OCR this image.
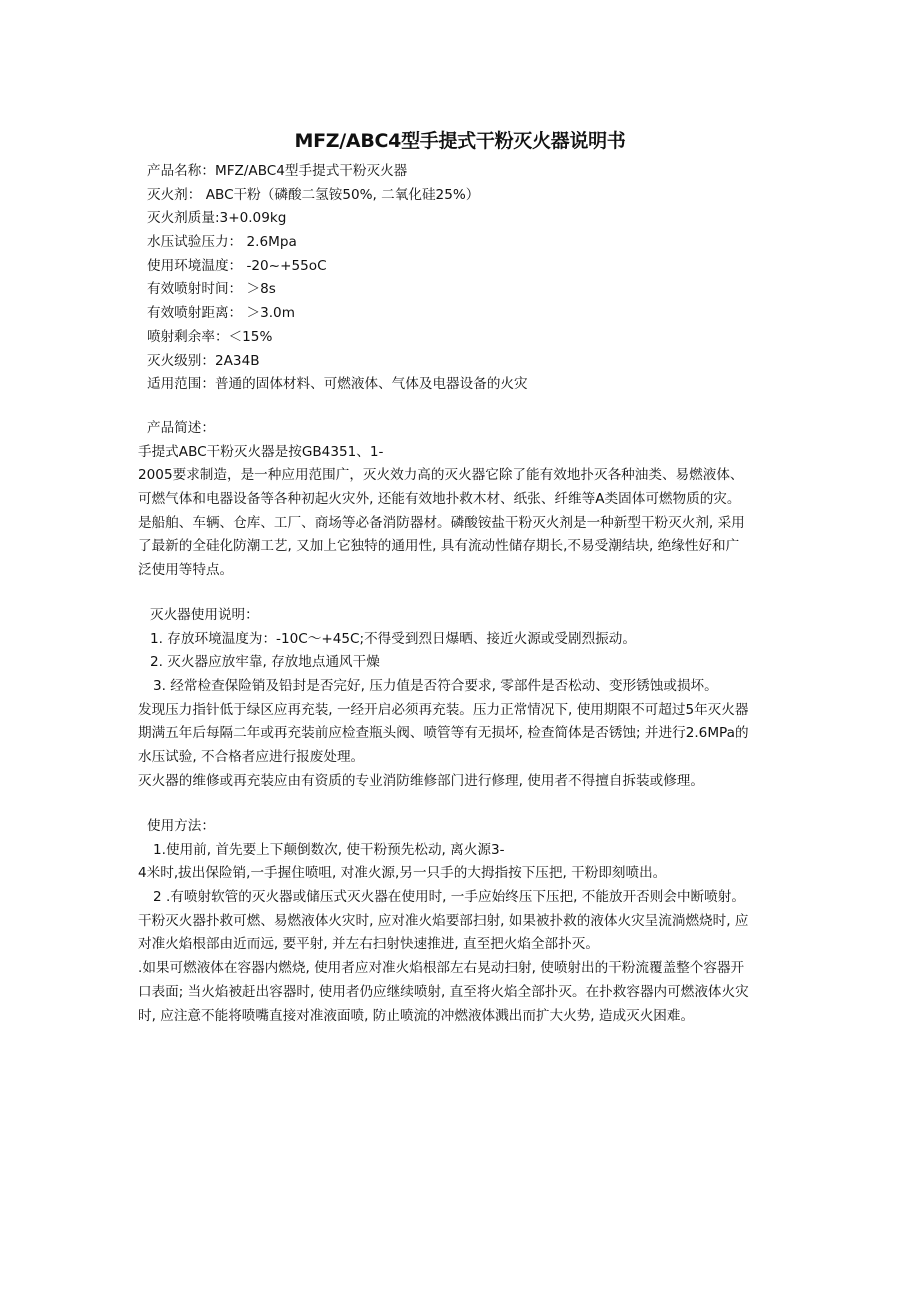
MFZ/ABC4型手提式干粉灭火器说明书
产品名称：MFZ/ABC4型手提式干粉灭火器
灭火剂： ABC干粉（磷酸二氢铵50%, 二氧化硅25%）
灭火剂质量:3+0.09kg
水压试验压力： 2.6Mpa
使用环境温度： -20~+55oC
有效喷射时间： ＞8s
有效喷射距离： ＞3.0m
喷射剩余率：＜15%
灭火级别：2A34B
适用范围：普通的固体材料、可燃液体、气体及电器设备的火灾
产品简述：
手提式ABC干粉灭火器是按GB4351、1-
2005要求制造，是一种应用范围广，灭火效力高的灭火器它除了能有效地扑灭各种油类、易燃液体、
可燃气体和电器设备等各种初起火灾外, 还能有效地扑救木材、纸张、纤维等A类固体可燃物质的灾。
是船舶、车辆、仓库、工厂、商场等必备消防器材。磷酸铵盐干粉灭火剂是一种新型干粉灭火剂, 采用
了最新的全硅化防潮工艺, 又加上它独特的通用性, 具有流动性储存期长,不易受潮结块, 绝缘性好和广
泛使用等特点。
灭火器使用说明：
1. 存放环境温度为：-10C～+45C;不得受到烈日爆晒、接近火源或受剧烈振动。
2. 灭火器应放牢靠, 存放地点通风干燥
3. 经常检查保险销及铅封是否完好, 压力值是否符合要求, 零部件是否松动、变形锈蚀或损坏。
发现压力指针低于绿区应再充装, 一经开启必须再充装。压力正常情况下, 使用期限不可超过5年灭火器
期满五年后每隔二年或再充装前应检查瓶头阀、喷管等有无损坏, 检查简体是否锈蚀; 并进行2.6MPa的
水压试验, 不合格者应进行报废处理。
灭火器的维修或再充装应由有资质的专业消防维修部门进行修理, 使用者不得擅自拆装或修理。
使用方法：
1.使用前, 首先要上下颠倒数次, 使干粉预先松动, 离火源3-
4米时,拔出保险销,一手握住喷咀, 对准火源,另一只手的大拇指按下压把, 干粉即刻喷出。
2 .有喷射软管的灭火器或储压式灭火器在使用时, 一手应始终压下压把, 不能放开否则会中断喷射。
干粉灭火器扑救可燃、易燃液体火灾时, 应对准火焰要部扫射, 如果被扑救的液体火灾呈流淌燃烧时, 应
对准火焰根部由近而远, 要平射, 并左右扫射快速推进, 直至把火焰全部扑灭。
.如果可燃液体在容器内燃烧, 使用者应对准火焰根部左右晃动扫射, 使喷射出的干粉流覆盖整个容器开
口表面; 当火焰被赶出容器时, 使用者仍应继续喷射, 直至将火焰全部扑灭。在扑救容器内可燃液体火灾
时, 应注意不能将喷嘴直接对准液面喷, 防止喷流的冲燃液体溅出而扩大火势, 造成灭火困难。
